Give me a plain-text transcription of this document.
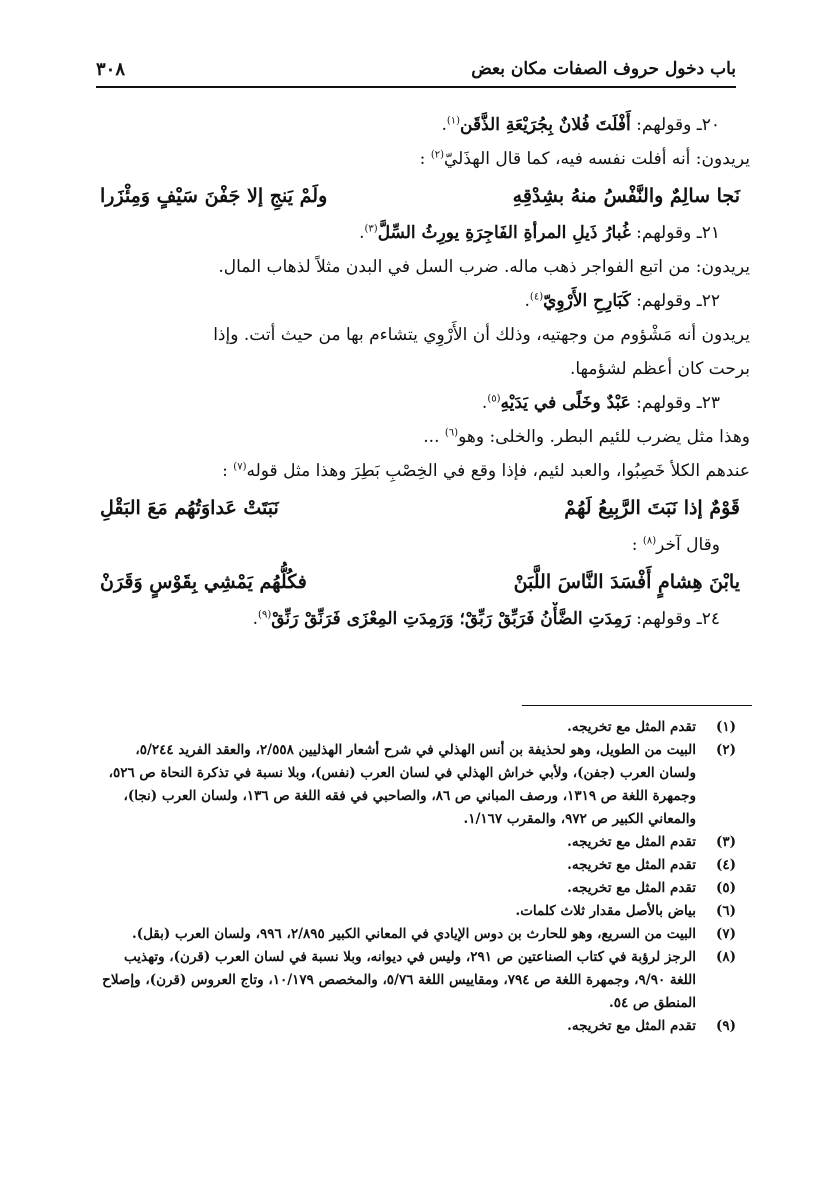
باب دخول حروف الصفات مكان بعض
٣٠٨
٢٠ـ وقولهم: أَفْلَتَ فُلانٌ بِجُرَيْعَةِ الذَّقَن$^{(١)}$.
يريدون: أنه أفلت نفسه فيه، كما قال الهذَليّ$^{(٢)}$ :
نَجا سالِمٌ والنَّفْسُ منهُ بشِدْقِهِ
ولَمْ يَنجِ إلا جَفْنَ سَيْفٍ وَمِئْزَرا
٢١ـ وقولهم: غُبارُ ذَيلِ المرأةِ الفَاجِرَةِ يورِثُ السِّلَّ$^{(٣)}$.
يريدون: من اتبع الفواجر ذهب ماله. ضرب السل في البدن مثلاً لذهاب المال.
٢٢ـ وقولهم: كَبَارِحِ الأَرْوِيّ$^{(٤)}$.
يريدون أنه مَشْؤوم من وجهتيه، وذلك أن الأَرْوِي يتشاءم بها من حيث أتت. وإذا
برحت كان أعظم لشؤمها.
٢٣ـ وقولهم: عَبْدٌ وخَلًى في يَدَيْهِ$^{(٥)}$.
وهذا مثل يضرب للئيم البطر. والخلى: وهو$^{(٦)}$ ...
عندهم الكلأ خَصِبُوا، والعبد لئيم، فإذا وقع في الخِصْبِ بَطِرَ وهذا مثل قوله$^{(٧)}$ :
قَوْمٌ إذا نَبَتَ الرَّبِيعُ لَهُمْ
نَبَتَتْ عَداوَتُهُم مَعَ البَقْلِ
وقال آخر$^{(٨)}$ :
يابْنَ هِشامٍ أَفْسَدَ النَّاسَ اللَّبَنْ
فكُلُّهُم يَمْشِي بِقَوْسٍ وَقَرَنْ
٢٤ـ وقولهم: رَمِدَتِ الضَّأْنُ فَرَبِّقْ رَبِّقْ؛ وَرَمِدَتِ المِعْزَى فَرَنِّقْ رَنِّقْ$^{(٩)}$.
(١)
تقدم المثل مع تخريجه.
(٢)
البيت من الطويل، وهو لحذيفة بن أنس الهذلي في شرح أشعار الهذليين ٢/٥٥٨، والعقد الفريد ٥/٢٤٤، ولسان العرب (جفن)، ولأبي خراش الهذلي في لسان العرب (نفس)، وبلا نسبة في تذكرة النحاة ص ٥٢٦، وجمهرة اللغة ص ١٣١٩، ورصف المباني ص ٨٦، والصاحبي في فقه اللغة ص ١٣٦، ولسان العرب (نجا)، والمعاني الكبير ص ٩٧٢، والمقرب ١/١٦٧.
(٣)
تقدم المثل مع تخريجه.
(٤)
تقدم المثل مع تخريجه.
(٥)
تقدم المثل مع تخريجه.
(٦)
بياض بالأصل مقدار ثلاث كلمات.
(٧)
البيت من السريع، وهو للحارث بن دوس الإيادي في المعاني الكبير ٢/٨٩٥، ٩٩٦، ولسان العرب (بقل).
(٨)
الرجز لرؤبة في كتاب الصناعتين ص ٢٩١، وليس في ديوانه، وبلا نسبة في لسان العرب (قرن)، وتهذيب اللغة ٩/٩٠، وجمهرة اللغة ص ٧٩٤، ومقاييس اللغة ٥/٧٦، والمخصص ١٠/١٧٩، وتاج العروس (قرن)، وإصلاح المنطق ص ٥٤.
(٩)
تقدم المثل مع تخريجه.
